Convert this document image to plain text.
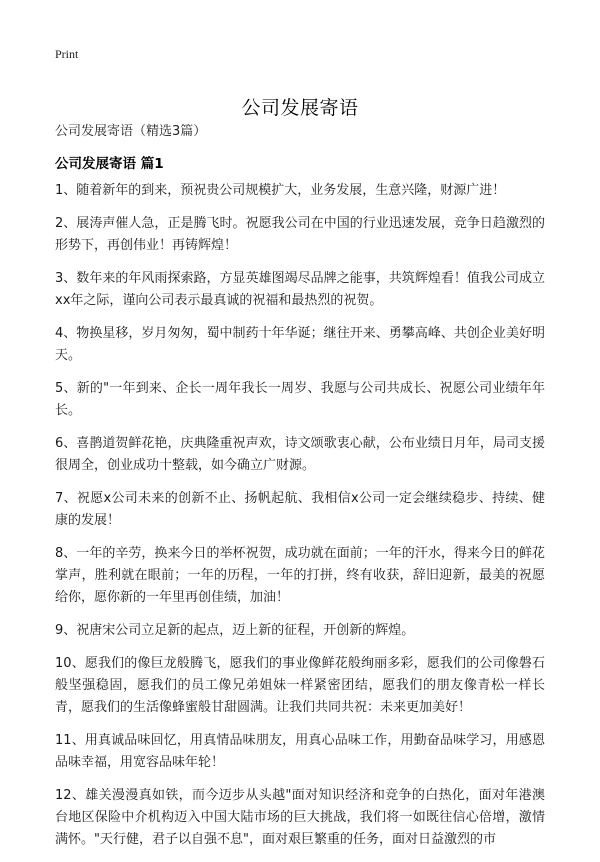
Print
公司发展寄语
公司发展寄语（精选3篇）
公司发展寄语 篇1

1、随着新年的到来，预祝贵公司规模扩大，业务发展，生意兴隆，财源广进！

2、展涛声催人急，正是腾飞时。祝愿我公司在中国的行业迅速发展，竞争日趋激烈的形势下，再创伟业！再铸辉煌！

3、数年来的年风雨探索路，方显英雄图竭尽品牌之能事，共筑辉煌看！值我公司成立xx年之际，谨向公司表示最真诚的祝福和最热烈的祝贺。

4、物换星移，岁月匆匆，蜀中制药十年华诞；继往开来、勇攀高峰、共创企业美好明天。

5、新的"一年到来、企长一周年我长一周岁、我愿与公司共成长、祝愿公司业绩年年长。

6、喜鹊道贺鲜花艳，庆典隆重祝声欢，诗文颂歌衷心献，公布业绩日月年，局司支援很周全，创业成功十整载，如今确立广财源。

7、祝愿x公司未来的创新不止、扬帆起航、我相信x公司一定会继续稳步、持续、健康的发展！

8、一年的辛劳，换来今日的举杯祝贺，成功就在面前；一年的汗水，得来今日的鲜花掌声，胜利就在眼前；一年的历程，一年的打拼，终有收获，辞旧迎新，最美的祝愿给你，愿你新的一年里再创佳绩，加油！

9、祝唐宋公司立足新的起点，迈上新的征程，开创新的辉煌。

10、愿我们的像巨龙般腾飞，愿我们的事业像鲜花般绚丽多彩，愿我们的公司像磐石般坚强稳固，愿我们的员工像兄弟姐妹一样紧密团结，愿我们的朋友像青松一样长青，愿我们的生活像蜂蜜般甘甜圆满。让我们共同共祝：未来更加美好！

11、用真诚品味回忆，用真情品味朋友，用真心品味工作，用勤奋品味学习，用感恩品味幸福，用宽容品味年轮！

12、雄关漫漫真如铁，而今迈步从头越"面对知识经济和竞争的白热化，面对年港澳台地区保险中介机构迈入中国大陆市场的巨大挑战，我们将一如既往信心倍增，激情满怀。"天行健，君子以自强不息"，面对艰巨繁重的任务，面对日益激烈的市
